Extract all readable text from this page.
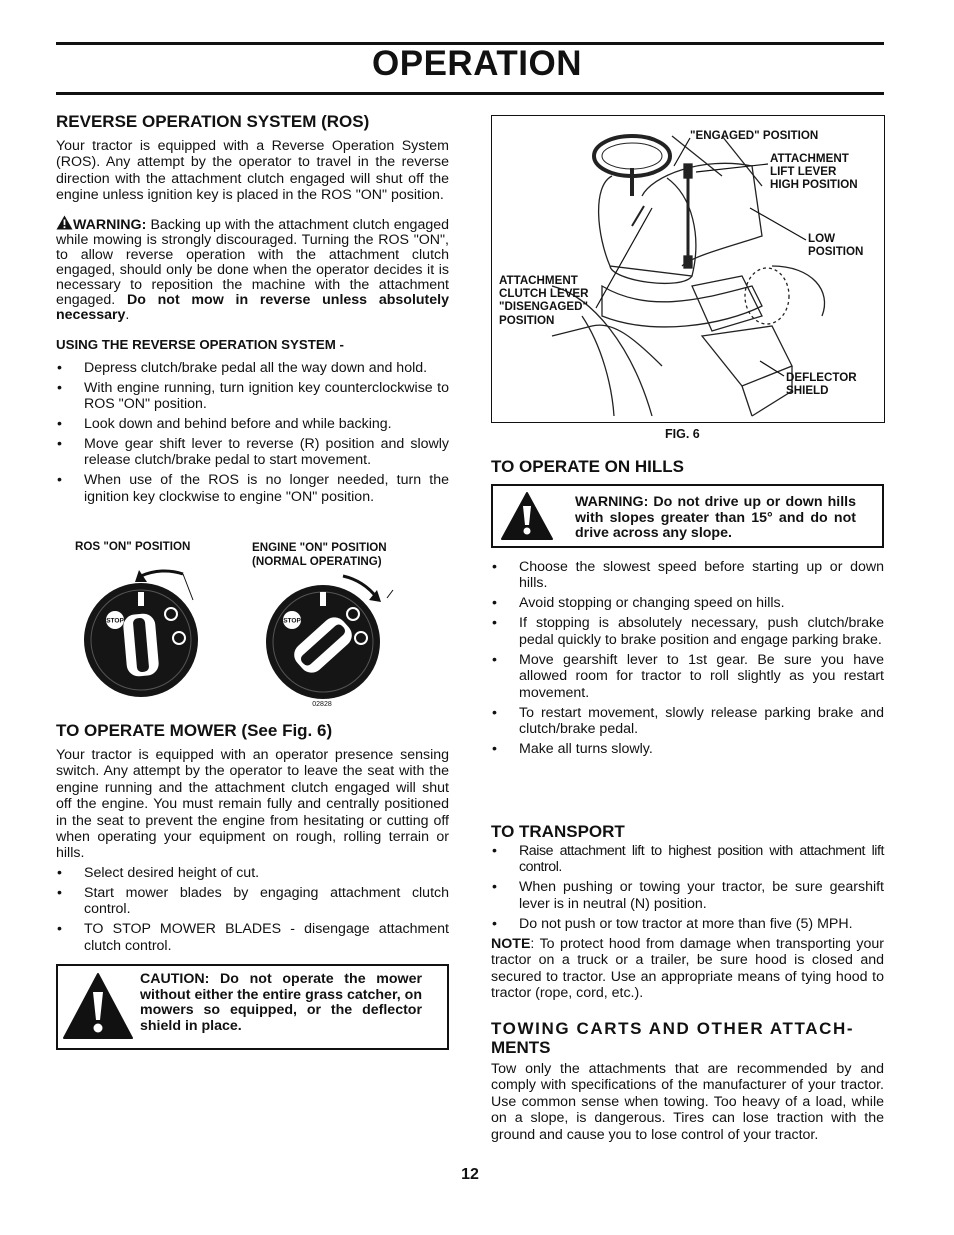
OPERATION
REVERSE OPERATION SYSTEM (ROS)

Your tractor is equipped with a Reverse Operation System (ROS). Any attempt by the operator to travel in the reverse direction with the attachment clutch engaged will shut off the engine unless ignition key is placed in the ROS "ON" position.

WARNING: Backing up with the attachment clutch engaged while mowing is strongly discouraged. Turning the ROS "ON", to allow reverse operation with the attachment clutch engaged, should only be done when the operator decides it is necessary to reposition the machine with the attachment engaged. Do not mow in reverse unless absolutely necessary.

USING THE REVERSE OPERATION SYSTEM -

• Depress clutch/brake pedal all the way down and hold.
• With engine running, turn ignition key counterclockwise to ROS "ON" position.
• Look down and behind before and while backing.
• Move gear shift lever to reverse (R) position and slowly release clutch/brake pedal to start movement.
• When use of the ROS is no longer needed, turn the ignition key clockwise to engine "ON" position.
ROS "ON" POSITION	ENGINE "ON" POSITION
(NORMAL OPERATING)
STOP	STOP
02828
TO OPERATE MOWER (See Fig. 6)

Your tractor is equipped with an operator presence sensing switch. Any attempt by the operator to leave the seat with the engine running and the attachment clutch engaged will shut off the engine. You must remain fully and centrally positioned in the seat to prevent the engine from hesitating or cutting off when operating your equipment on rough, rolling terrain or hills.

• Select desired height of cut.
• Start mower blades by engaging attachment clutch control.
• TO STOP MOWER BLADES - disengage attachment clutch control.
CAUTION: Do not operate the mower without either the entire grass catcher, on mowers so equipped, or the deflector shield in place.
"ENGAGED" POSITION
ATTACHMENT
LIFT LEVER
HIGH POSITION
LOW
POSITION
ATTACHMENT
CLUTCH LEVER
"DISENGAGED"
POSITION
DEFLECTOR
SHIELD
FIG. 6
TO OPERATE ON HILLS
WARNING: Do not drive up or down hills with slopes greater than 15° and do not drive across any slope.
• Choose the slowest speed before starting up or down hills.
• Avoid stopping or changing speed on hills.
• If stopping is absolutely necessary, push clutch/brake pedal quickly to brake position and engage parking brake.
• Move gearshift lever to 1st gear. Be sure you have allowed room for tractor to roll slightly as you restart movement.
• To restart movement, slowly release parking brake and clutch/brake pedal.
• Make all turns slowly.
TO TRANSPORT
• Raise attachment lift to highest position with attachment lift control.
• When pushing or towing your tractor, be sure gearshift lever is in neutral (N) position.
• Do not push or tow tractor at more than five (5) MPH.

NOTE: To protect hood from damage when transporting your tractor on a truck or a trailer, be sure hood is closed and secured to tractor. Use an appropriate means of tying hood to tractor (rope, cord, etc.).

TOWING CARTS AND OTHER ATTACH-
MENTS

Tow only the attachments that are recommended by and comply with specifications of the manufacturer of your tractor. Use common sense when towing. Too heavy of a load, while on a slope, is dangerous. Tires can lose traction with the ground and cause you to lose control of your tractor.

12
